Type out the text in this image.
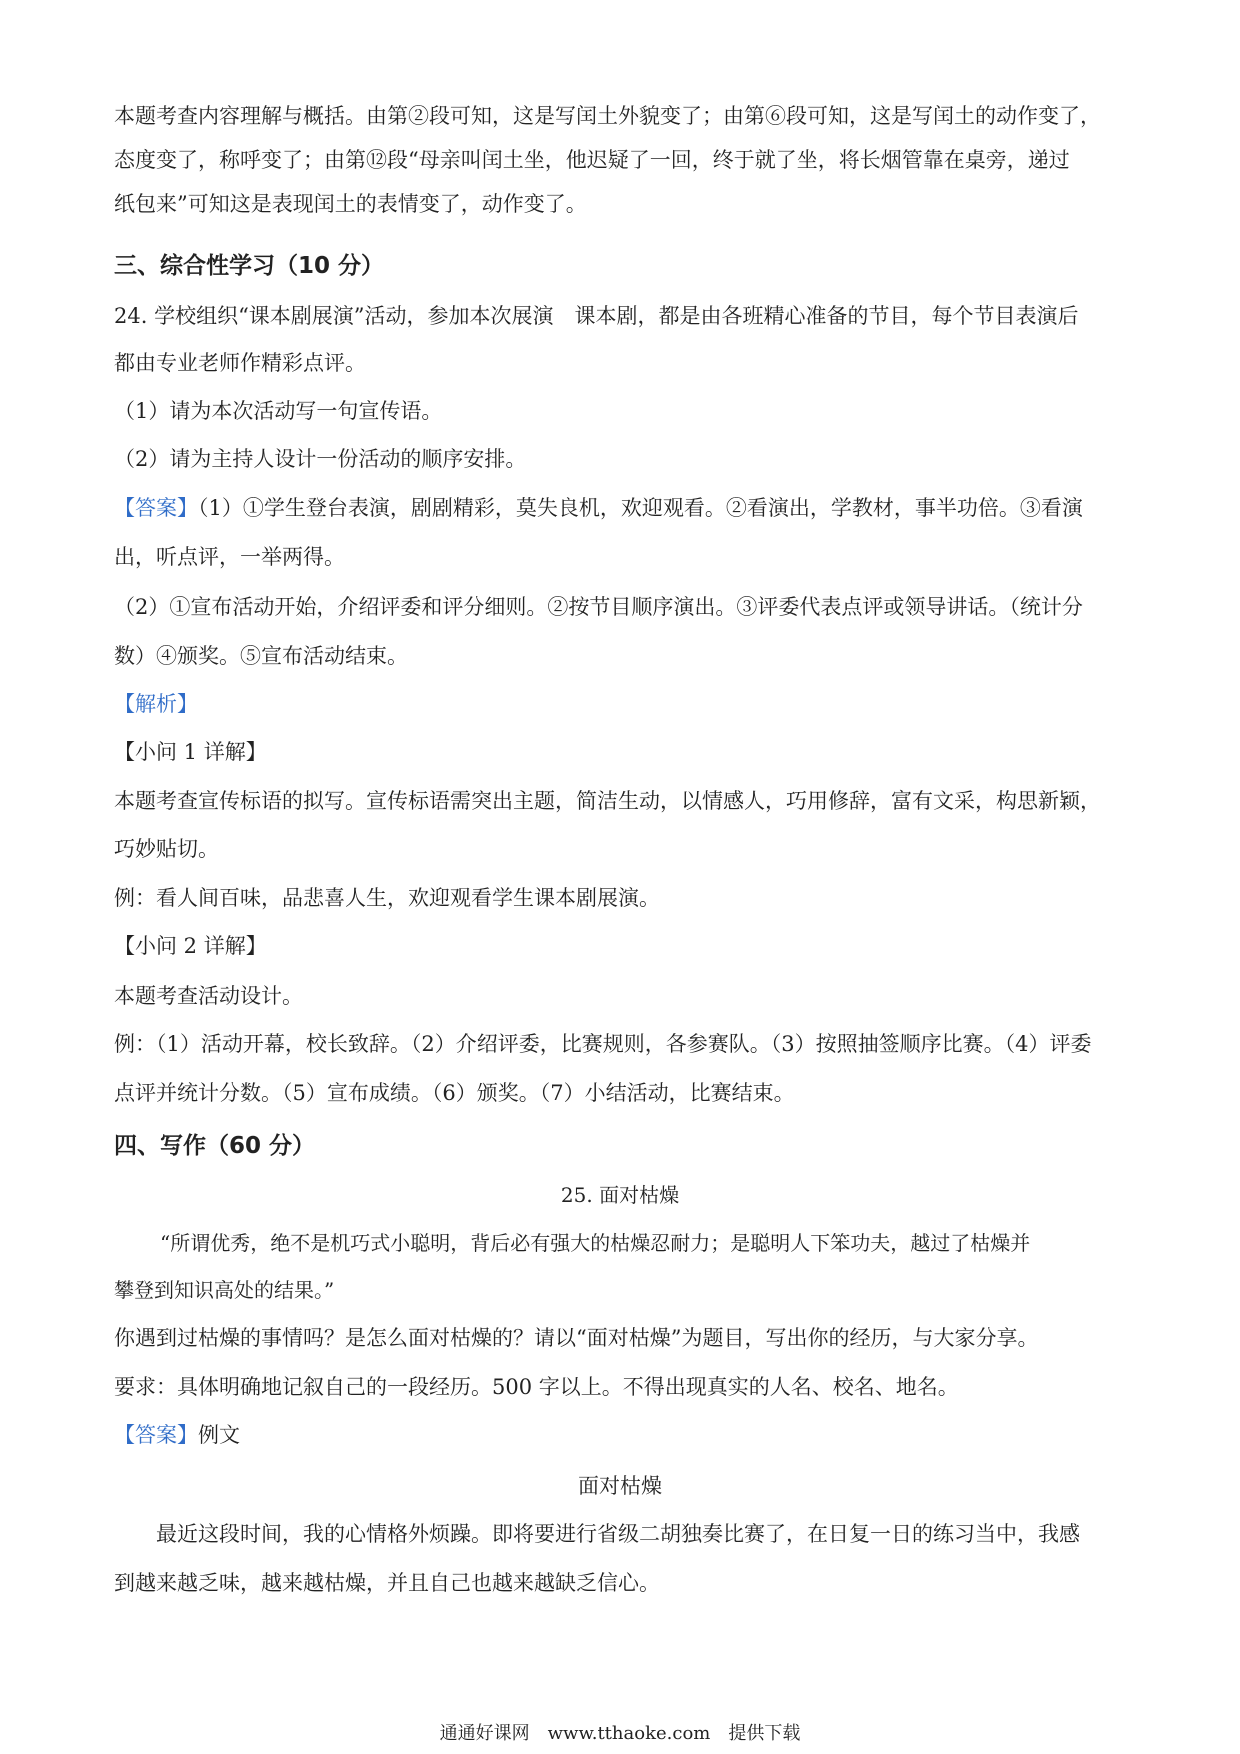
本题考查内容理解与概括。由第②段可知，这是写闰土外貌变了；由第⑥段可知，这是写闰土的动作变了，
态度变了，称呼变了；由第⑫段“母亲叫闰土坐，他迟疑了一回，终于就了坐，将长烟管靠在桌旁，递过
纸包来”可知这是表现闰土的表情变了，动作变了。
三、综合性学习（10 分）
24. 学校组织“课本剧展演”活动，参加本次展演　课本剧，都是由各班精心准备的节目，每个节目表演后
都由专业老师作精彩点评。
（1）请为本次活动写一句宣传语。
（2）请为主持人设计一份活动的顺序安排。
【答案】（1）①学生登台表演，剧剧精彩，莫失良机，欢迎观看。②看演出，学教材，事半功倍。③看演
出，听点评，一举两得。
（2）①宣布活动开始，介绍评委和评分细则。②按节目顺序演出。③评委代表点评或领导讲话。（统计分
数）④颁奖。⑤宣布活动结束。
【解析】
【小问 1 详解】
本题考查宣传标语的拟写。宣传标语需突出主题，简洁生动，以情感人，巧用修辞，富有文采，构思新颖，
巧妙贴切。
例：看人间百味，品悲喜人生，欢迎观看学生课本剧展演。
【小问 2 详解】
本题考查活动设计。
例：（1）活动开幕，校长致辞。（2）介绍评委，比赛规则，各参赛队。（3）按照抽签顺序比赛。（4）评委
点评并统计分数。（5）宣布成绩。（6）颁奖。（7）小结活动，比赛结束。
四、写作（60 分）
25. 面对枯燥
“所谓优秀，绝不是机巧式小聪明，背后必有强大的枯燥忍耐力；是聪明人下笨功夫，越过了枯燥并
攀登到知识高处的结果。”
你遇到过枯燥的事情吗？是怎么面对枯燥的？请以“面对枯燥”为题目，写出你的经历，与大家分享。
要求：具体明确地记叙自己的一段经历。500 字以上。不得出现真实的人名、校名、地名。
【答案】例文
面对枯燥
最近这段时间，我的心情格外烦躁。即将要进行省级二胡独奏比赛了，在日复一日的练习当中，我感
到越来越乏味，越来越枯燥，并且自己也越来越缺乏信心。
通通好课网　www.tthaoke.com　提供下载
